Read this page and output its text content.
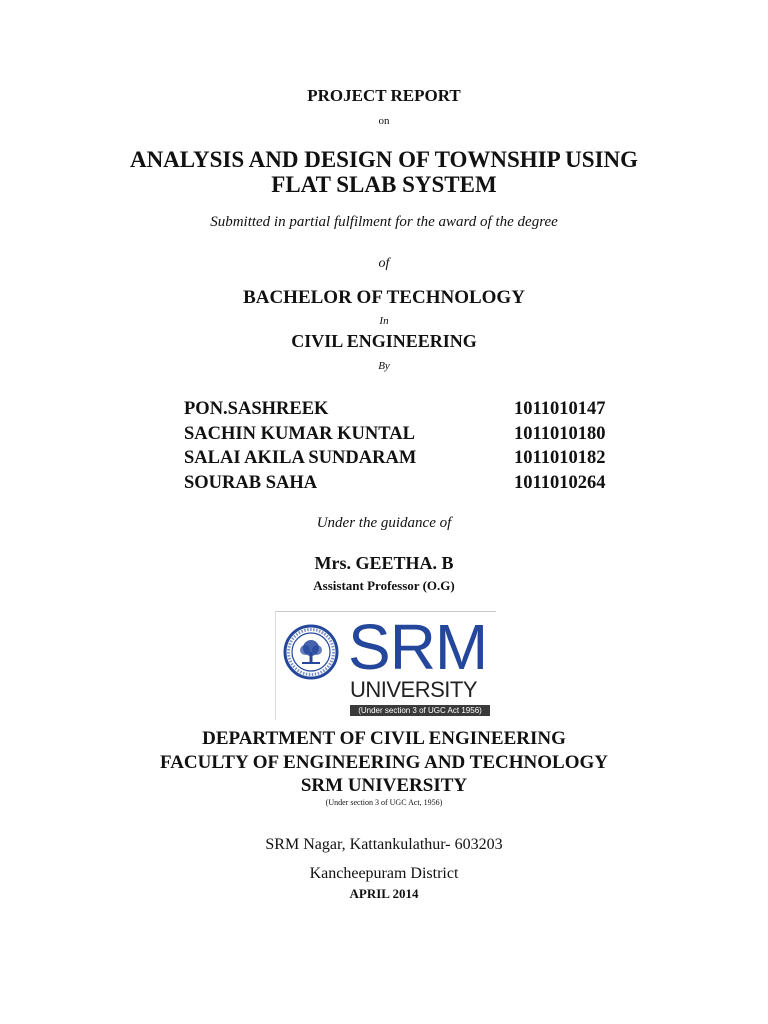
PROJECT REPORT
on
ANALYSIS AND DESIGN OF TOWNSHIP USING
FLAT SLAB SYSTEM
Submitted in partial fulfilment for the award of the degree
of
BACHELOR OF TECHNOLOGY
In
CIVIL ENGINEERING
By
PON.SASHREEK	1011010147
SACHIN KUMAR KUNTAL	1011010180
SALAI AKILA SUNDARAM	1011010182
SOURAB SAHA	1011010264
Under the guidance of
Mrs. GEETHA. B
Assistant Professor (O.G)
SRM
UNIVERSITY
(Under section 3 of UGC Act 1956)
DEPARTMENT OF CIVIL ENGINEERING
FACULTY OF ENGINEERING AND TECHNOLOGY
SRM UNIVERSITY
(Under section 3 of UGC Act, 1956)
SRM Nagar, Kattankulathur- 603203
Kancheepuram District
APRIL 2014
